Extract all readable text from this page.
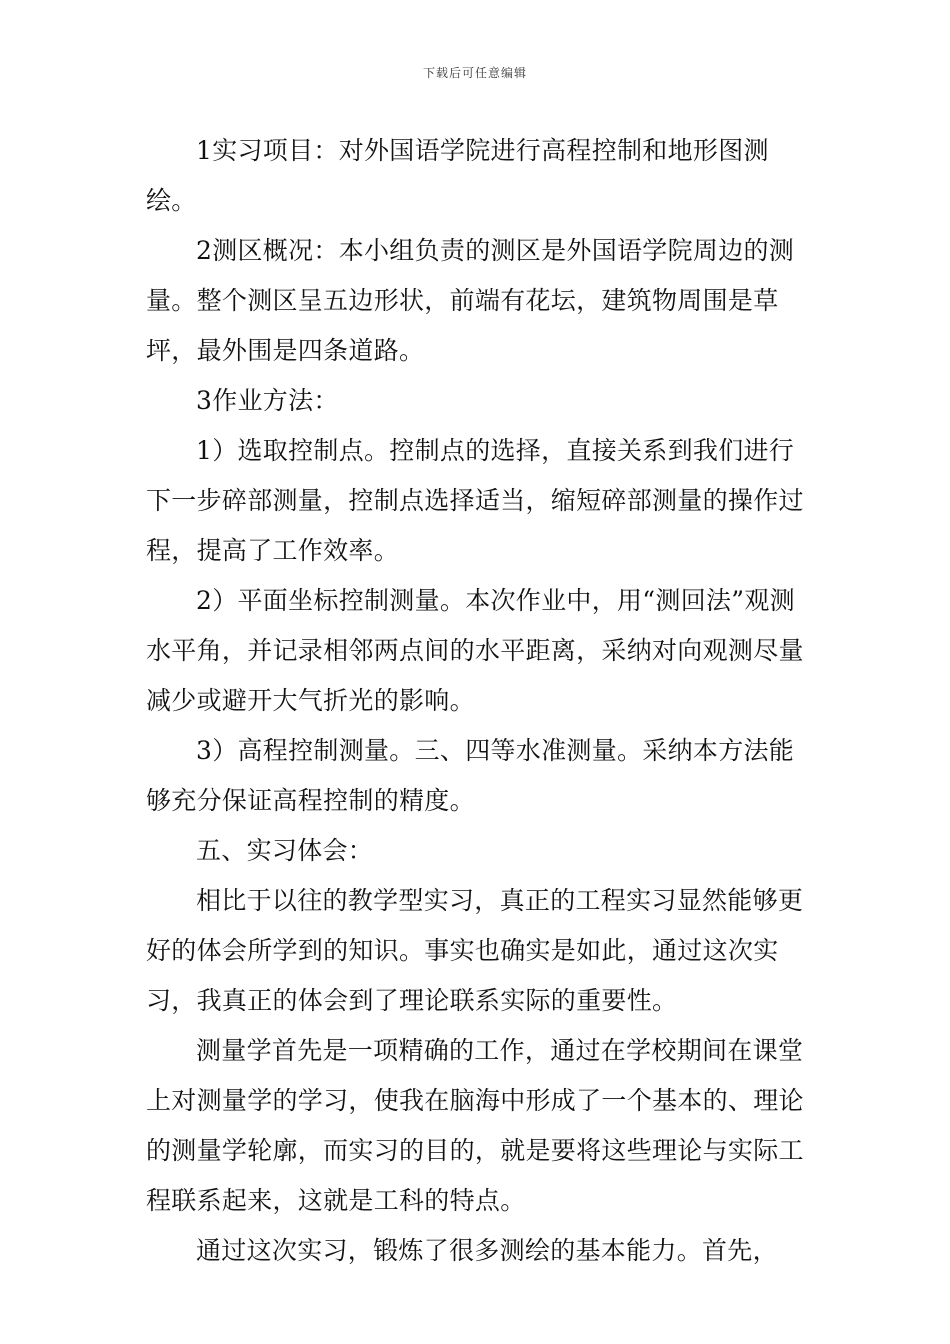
下载后可任意编辑

1实习项目：对外国语学院进行高程控制和地形图测绘。

2测区概况：本小组负责的测区是外国语学院周边的测量。整个测区呈五边形状，前端有花坛，建筑物周围是草坪，最外围是四条道路。

3作业方法：

1）选取控制点。控制点的选择，直接关系到我们进行下一步碎部测量，控制点选择适当，缩短碎部测量的操作过程，提高了工作效率。

2）平面坐标控制测量。本次作业中，用“测回法”观测水平角，并记录相邻两点间的水平距离，采纳对向观测尽量减少或避开大气折光的影响。

3）高程控制测量。三、四等水准测量。采纳本方法能够充分保证高程控制的精度。

五、实习体会：

相比于以往的教学型实习，真正的工程实习显然能够更好的体会所学到的知识。事实也确实是如此，通过这次实习，我真正的体会到了理论联系实际的重要性。

测量学首先是一项精确的工作，通过在学校期间在课堂上对测量学的学习，使我在脑海中形成了一个基本的、理论的测量学轮廓，而实习的目的，就是要将这些理论与实际工程联系起来，这就是工科的特点。

通过这次实习，锻炼了很多测绘的基本能力。首先，
